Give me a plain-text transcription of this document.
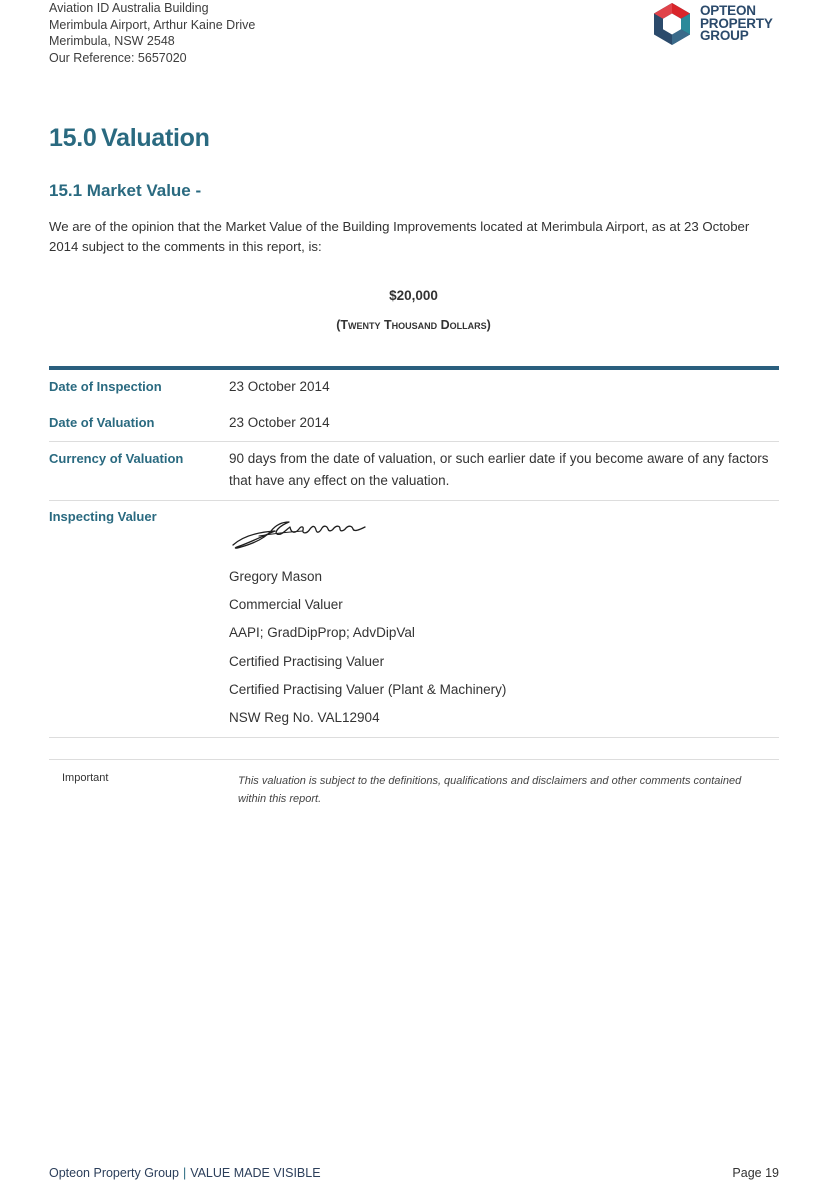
Aviation ID Australia Building
Merimbula Airport, Arthur Kaine Drive
Merimbula, NSW 2548
Our Reference: 5657020
OPTEON
PROPERTY
GROUP
15.0 Valuation
15.1 Market Value -

We are of the opinion that the Market Value of the Building Improvements located at Merimbula Airport, as at 23 October 2014 subject to the comments in this report, is:

$20,000
(Twenty Thousand Dollars)
Date of Inspection	23 October 2014
Date of Valuation	23 October 2014
Currency of Valuation	90 days from the date of valuation, or such earlier date if you become aware of any factors that have any effect on the valuation.
Inspecting Valuer
Gregory Mason
Commercial Valuer
AAPI; GradDipProp; AdvDipVal
Certified Practising Valuer
Certified Practising Valuer (Plant & Machinery)
NSW Reg No. VAL12904
Important	This valuation is subject to the definitions, qualifications and disclaimers and other comments contained within this report.
Opteon Property Group | VALUE MADE VISIBLE	Page 19
